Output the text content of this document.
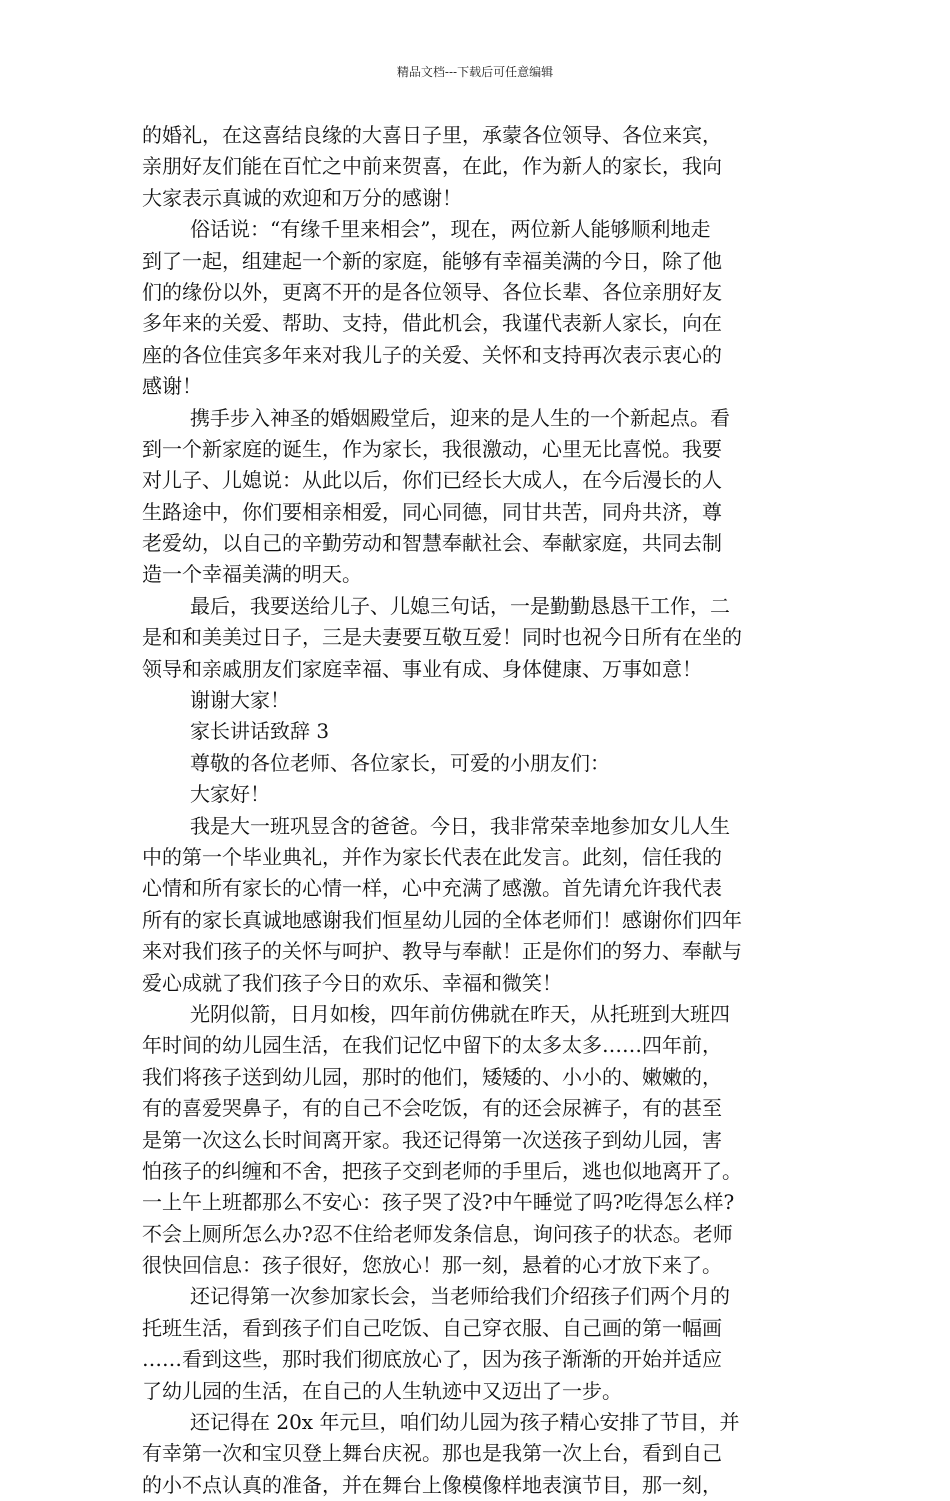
精品文档---下载后可任意编辑
的婚礼，在这喜结良缘的大喜日子里，承蒙各位领导、各位来宾，
亲朋好友们能在百忙之中前来贺喜，在此，作为新人的家长，我向
大家表示真诚的欢迎和万分的感谢！
俗话说：“有缘千里来相会”，现在，两位新人能够顺利地走
到了一起，组建起一个新的家庭，能够有幸福美满的今日，除了他
们的缘份以外，更离不开的是各位领导、各位长辈、各位亲朋好友
多年来的关爱、帮助、支持，借此机会，我谨代表新人家长，向在
座的各位佳宾多年来对我儿子的关爱、关怀和支持再次表示衷心的
感谢！
携手步入神圣的婚姻殿堂后，迎来的是人生的一个新起点。看
到一个新家庭的诞生，作为家长，我很激动，心里无比喜悦。我要
对儿子、儿媳说：从此以后，你们已经长大成人，在今后漫长的人
生路途中，你们要相亲相爱，同心同德，同甘共苦，同舟共济，尊
老爱幼，以自己的辛勤劳动和智慧奉献社会、奉献家庭，共同去制
造一个幸福美满的明天。
最后，我要送给儿子、儿媳三句话，一是勤勤恳恳干工作，二
是和和美美过日子，三是夫妻要互敬互爱！同时也祝今日所有在坐的
领导和亲戚朋友们家庭幸福、事业有成、身体健康、万事如意！
谢谢大家！
家长讲话致辞 3
尊敬的各位老师、各位家长，可爱的小朋友们：
大家好！
我是大一班巩昱含的爸爸。今日，我非常荣幸地参加女儿人生
中的第一个毕业典礼，并作为家长代表在此发言。此刻，信任我的
心情和所有家长的心情一样，心中充满了感激。首先请允许我代表
所有的家长真诚地感谢我们恒星幼儿园的全体老师们！感谢你们四年
来对我们孩子的关怀与呵护、教导与奉献！正是你们的努力、奉献与
爱心成就了我们孩子今日的欢乐、幸福和微笑！
光阴似箭，日月如梭，四年前仿佛就在昨天，从托班到大班四
年时间的幼儿园生活，在我们记忆中留下的太多太多……四年前，
我们将孩子送到幼儿园，那时的他们，矮矮的、小小的、嫩嫩的，
有的喜爱哭鼻子，有的自己不会吃饭，有的还会尿裤子，有的甚至
是第一次这么长时间离开家。我还记得第一次送孩子到幼儿园，害
怕孩子的纠缠和不舍，把孩子交到老师的手里后，逃也似地离开了。
一上午上班都那么不安心：孩子哭了没?中午睡觉了吗?吃得怎么样?
不会上厕所怎么办?忍不住给老师发条信息，询问孩子的状态。老师
很快回信息：孩子很好，您放心！那一刻，悬着的心才放下来了。
还记得第一次参加家长会，当老师给我们介绍孩子们两个月的
托班生活，看到孩子们自己吃饭、自己穿衣服、自己画的第一幅画
……看到这些，那时我们彻底放心了，因为孩子渐渐的开始并适应
了幼儿园的生活，在自己的人生轨迹中又迈出了一步。
还记得在 20x 年元旦，咱们幼儿园为孩子精心安排了节目，并
有幸第一次和宝贝登上舞台庆祝。那也是我第一次上台，看到自己
的小不点认真的准备，并在舞台上像模像样地表演节目，那一刻，
